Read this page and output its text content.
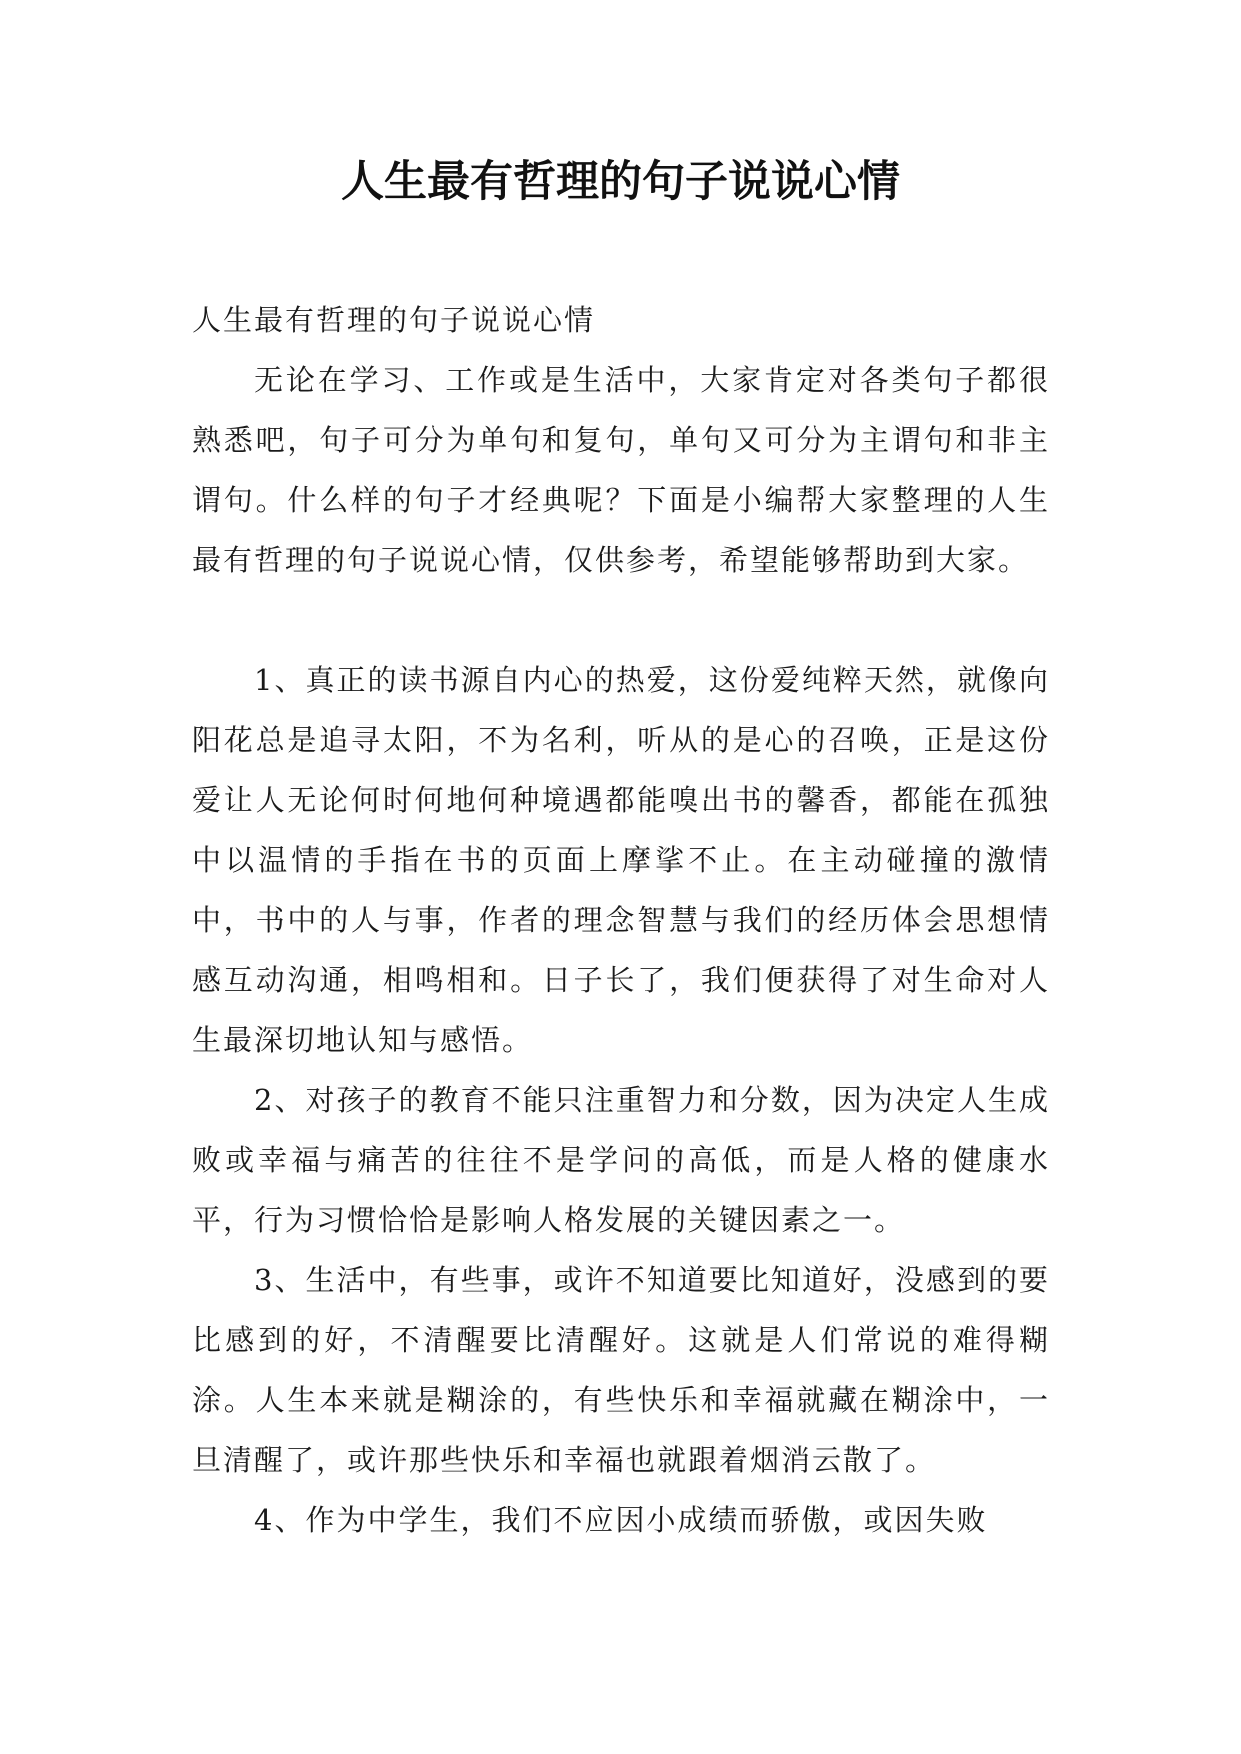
人生最有哲理的句子说说心情

人生最有哲理的句子说说心情

无论在学习、工作或是生活中，大家肯定对各类句子都很熟悉吧，句子可分为单句和复句，单句又可分为主谓句和非主谓句。什么样的句子才经典呢？下面是小编帮大家整理的人生最有哲理的句子说说心情，仅供参考，希望能够帮助到大家。

1、真正的读书源自内心的热爱，这份爱纯粹天然，就像向阳花总是追寻太阳，不为名利，听从的是心的召唤，正是这份爱让人无论何时何地何种境遇都能嗅出书的馨香，都能在孤独中以温情的手指在书的页面上摩挲不止。在主动碰撞的激情中，书中的人与事，作者的理念智慧与我们的经历体会思想情感互动沟通，相鸣相和。日子长了，我们便获得了对生命对人生最深切地认知与感悟。

2、对孩子的教育不能只注重智力和分数，因为决定人生成败或幸福与痛苦的往往不是学问的高低，而是人格的健康水平，行为习惯恰恰是影响人格发展的关键因素之一。

3、生活中，有些事，或许不知道要比知道好，没感到的要比感到的好，不清醒要比清醒好。这就是人们常说的难得糊涂。人生本来就是糊涂的，有些快乐和幸福就藏在糊涂中，一旦清醒了，或许那些快乐和幸福也就跟着烟消云散了。

4、作为中学生，我们不应因小成绩而骄傲，或因失败
